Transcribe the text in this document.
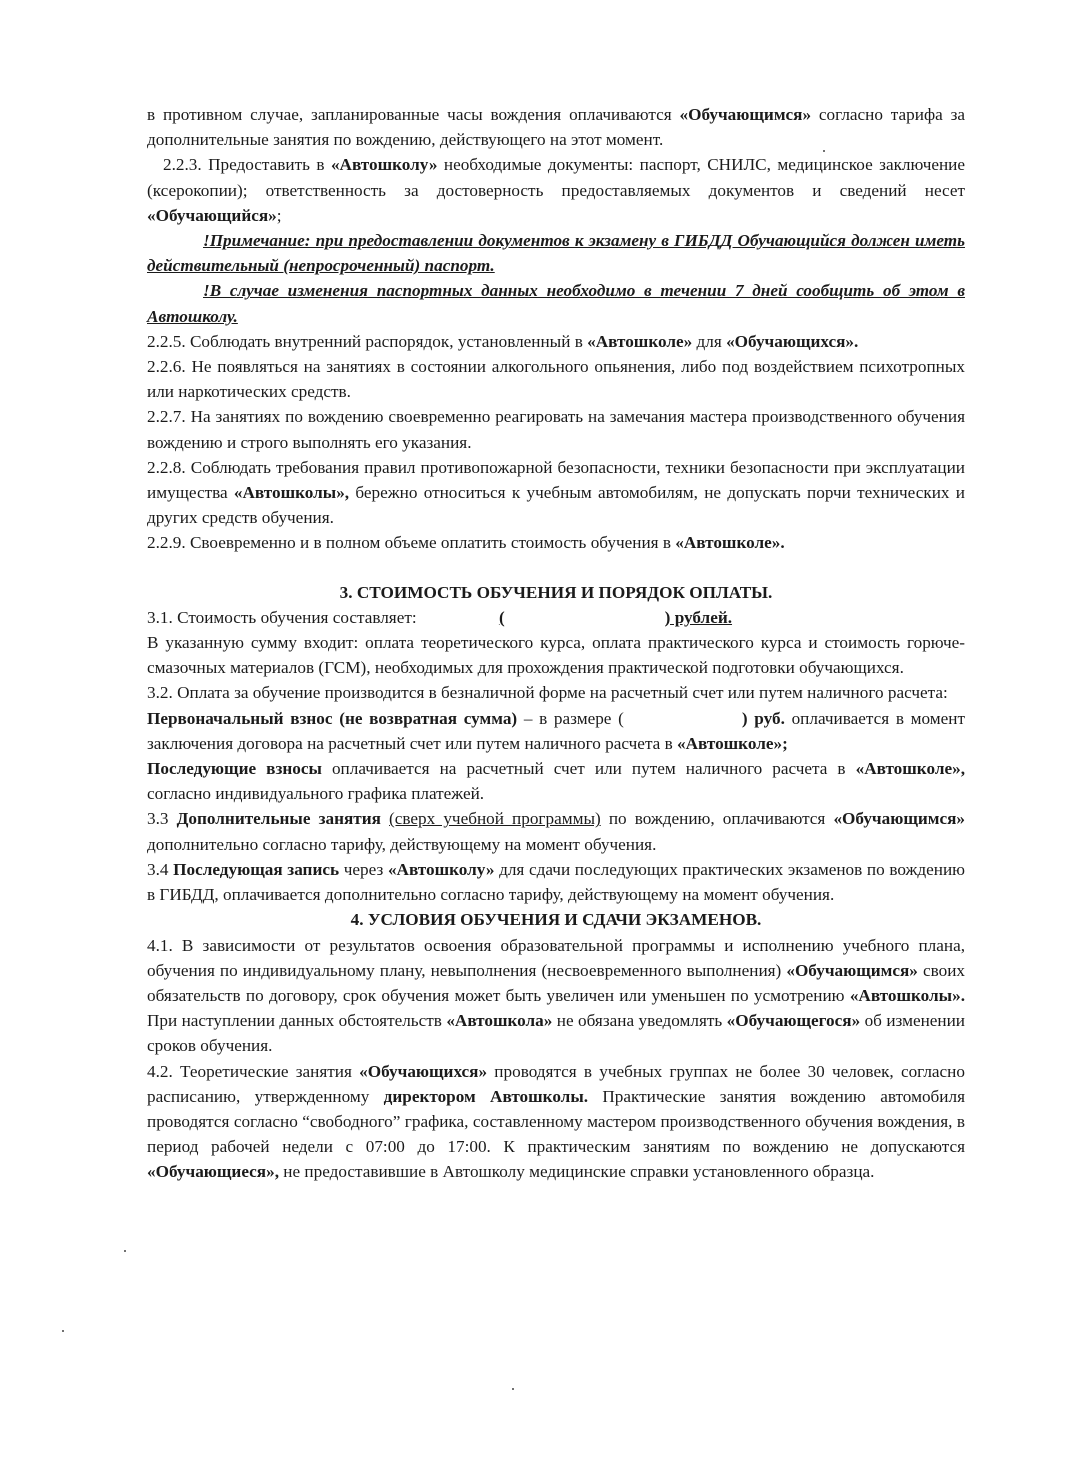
в противном случае, запланированные часы вождения оплачиваются «Обучающимся» согласно тарифа за дополнительные занятия по вождению, действующего на этот момент.

2.2.3. Предоставить в «Автошколу» необходимые документы: паспорт, СНИЛС, медицинское заключение (ксерокопии); ответственность за достоверность предоставляемых документов и сведений несет «Обучающийся»;

!Примечание: при предоставлении документов к экзамену в ГИБДД Обучающийся должен иметь действительный (непросроченный) паспорт.

!В случае изменения паспортных данных необходимо в течении 7 дней сообщить об этом в Автошколу.

2.2.5. Соблюдать внутренний распорядок, установленный в «Автошколе» для «Обучающихся».

2.2.6. Не появляться на занятиях в состоянии алкогольного опьянения, либо под воздействием психотропных или наркотических средств.

2.2.7. На занятиях по вождению своевременно реагировать на замечания мастера производственного обучения вождению и строго выполнять его указания.

2.2.8. Соблюдать требования правил противопожарной безопасности, техники безопасности при эксплуатации имущества «Автошколы», бережно относиться к учебным автомобилям, не допускать порчи технических и других средств обучения.

2.2.9. Своевременно и в полном объеме оплатить стоимость обучения в «Автошколе».

3. СТОИМОСТЬ ОБУЧЕНИЯ И ПОРЯДОК ОПЛАТЫ.

3.1. Стоимость обучения составляет:	(	) рублей.

В указанную сумму входит: оплата теоретического курса, оплата практического курса и стоимость горюче-смазочных материалов (ГСМ), необходимых для прохождения практической подготовки обучающихся.

3.2. Оплата за обучение производится в безналичной форме на расчетный счет или путем наличного расчета:

Первоначальный взнос (не возвратная сумма) – в размере (	) руб. оплачивается в момент заключения договора на расчетный счет или путем наличного расчета в «Автошколе»;

Последующие взносы оплачивается на расчетный счет или путем наличного расчета в «Автошколе», согласно индивидуального графика платежей.

3.3 Дополнительные занятия (сверх учебной программы) по вождению, оплачиваются «Обучающимся» дополнительно согласно тарифу, действующему на момент обучения.

3.4 Последующая запись через «Автошколу» для сдачи последующих практических экзаменов по вождению в ГИБДД, оплачивается дополнительно согласно тарифу, действующему на момент обучения.

4. УСЛОВИЯ ОБУЧЕНИЯ И СДАЧИ ЭКЗАМЕНОВ.

4.1. В зависимости от результатов освоения образовательной программы и исполнению учебного плана, обучения по индивидуальному плану, невыполнения (несвоевременного выполнения) «Обучающимся» своих обязательств по договору, срок обучения может быть увеличен или уменьшен по усмотрению «Автошколы». При наступлении данных обстоятельств «Автошкола» не обязана уведомлять «Обучающегося» об изменении сроков обучения.

4.2. Теоретические занятия «Обучающихся» проводятся в учебных группах не более 30 человек, согласно расписанию, утвержденному директором Автошколы. Практические занятия вождению автомобиля проводятся согласно “свободного” графика, составленному мастером производственного обучения вождения, в период рабочей недели с 07:00 до 17:00. К практическим занятиям по вождению не допускаются «Обучающиеся», не предоставившие в Автошколу медицинские справки установленного образца.
